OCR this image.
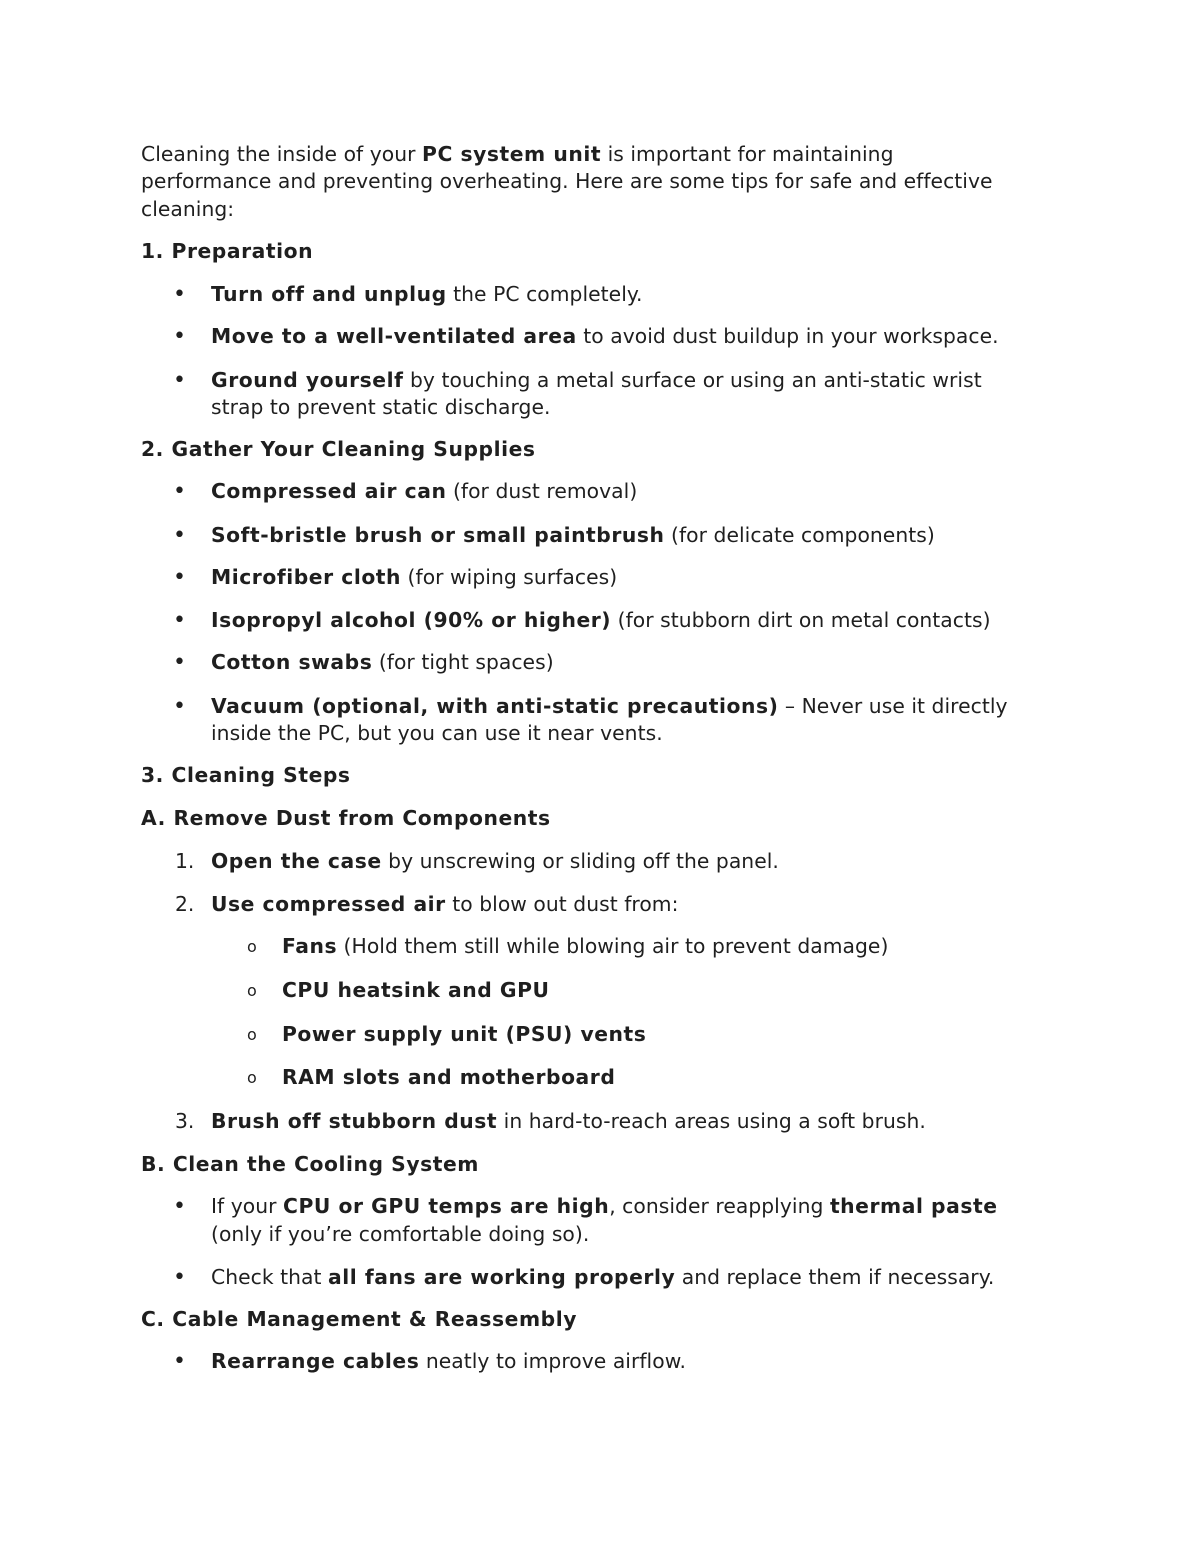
Cleaning the inside of your PC system unit is important for maintaining
performance and preventing overheating. Here are some tips for safe and effective
cleaning:
1. Preparation
• Turn off and unplug the PC completely.
• Move to a well-ventilated area to avoid dust buildup in your workspace.
• Ground yourself by touching a metal surface or using an anti-static wrist
strap to prevent static discharge.
2. Gather Your Cleaning Supplies
• Compressed air can (for dust removal)
• Soft-bristle brush or small paintbrush (for delicate components)
• Microfiber cloth (for wiping surfaces)
• Isopropyl alcohol (90% or higher) (for stubborn dirt on metal contacts)
• Cotton swabs (for tight spaces)
• Vacuum (optional, with anti-static precautions) – Never use it directly
inside the PC, but you can use it near vents.
3. Cleaning Steps
A. Remove Dust from Components
1. Open the case by unscrewing or sliding off the panel.
2. Use compressed air to blow out dust from:
o Fans (Hold them still while blowing air to prevent damage)
o CPU heatsink and GPU
o Power supply unit (PSU) vents
o RAM slots and motherboard
3. Brush off stubborn dust in hard-to-reach areas using a soft brush.
B. Clean the Cooling System
• If your CPU or GPU temps are high, consider reapplying thermal paste
(only if you’re comfortable doing so).
• Check that all fans are working properly and replace them if necessary.
C. Cable Management & Reassembly
• Rearrange cables neatly to improve airflow.
